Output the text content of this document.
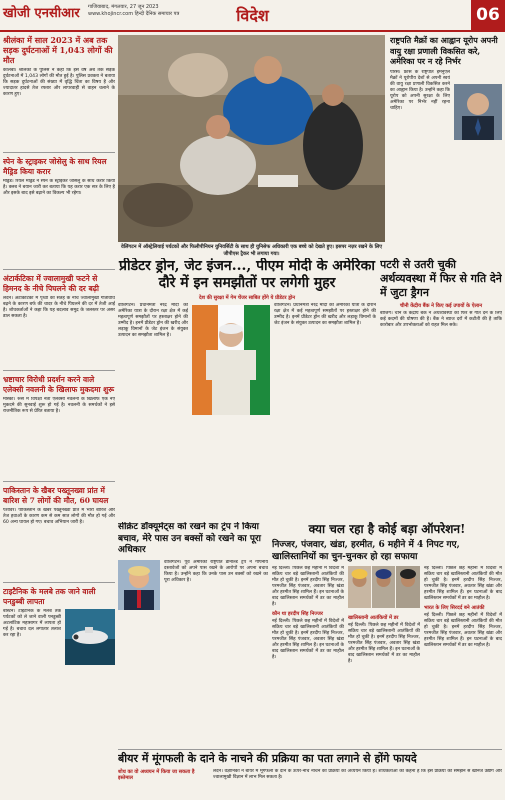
खोजी एनसीआर गाजियाबाद, मंगलवार, 27 जून 2023 www.khojincr.com हिन्दी दैनिक समाचार पत्र	विदेश	06
श्रीलंका में साल 2023 में अब तक सड़क दुर्घटनाओं में 1,043 लोगों की मौत

कोलंबो। श्रीलंका के पुलिस ने कहा कि इस वर्ष अब तक सड़क दुर्घटनाओं में 1,043 लोगों की मौत हुई है। पुलिस प्रवक्ता ने बताया कि सड़क दुर्घटनाओं की संख्या में वृद्धि चिंता का विषय है और ज्यादातर हादसे तेज रफ्तार और लापरवाही से वाहन चलाने के कारण हुए।

स्पेन के स्ट्राइकर जोसेलु के साथ रियल मैड्रिड किया करार

मैड्रिड। रियल मैड्रिड ने स्पेन के स्ट्राइकर जोसेलु के साथ करार किया है। क्लब ने बयान जारी कर बताया कि यह करार एक सत्र के लिए है और इसके बाद इसे बढ़ाने का विकल्प भी रहेगा।

अंटार्कटिका में ज्वालामुखी फटने से हिमनद के नीचे पिघलने की दर बढ़ी

लंदन। अंटार्कटिका में पृथ्वी की सतह के नीचे ज्वालामुखी गतिविधि बढ़ने के कारण बर्फ की चादर के नीचे पिघलने की दर में तेजी आई है। शोधकर्ताओं ने कहा कि यह बदलाव समुद्र के जलस्तर पर असर डाल सकता है।

भ्रष्टाचार विरोधी प्रदर्शन करने वाले एलेक्सी नवलनी के खिलाफ मुकदमा शुरू

मास्को। रूस में विपक्षी नेता एलेक्सी नवलनी के खिलाफ एक नए मुकदमे की सुनवाई शुरू हो गई है। नवलनी के समर्थकों ने इसे राजनीतिक रूप से प्रेरित बताया है।

पाकिस्तान के खैबर पख्तूनख्वा प्रांत में बारिश से 7 लोगों की मौत, 60 घायल

पेशावर। पाकिस्तान के खैबर पख्तूनख्वा प्रांत में भारी बारिश और तेज हवाओं के कारण कम से कम सात लोगों की मौत हो गई और 60 अन्य घायल हो गए। बचाव अभियान जारी है।

टाइटैनिक के मलबे तक जाने वाली पनडुब्बी लापता

बोस्टन। टाइटैनिक के मलबे तक पर्यटकों को ले जाने वाली पनडुब्बी अटलांटिक महासागर में लापता हो गई है। बचाव दल लगातार तलाश कर रहा है।

वेलिंगटन में ऑस्ट्रेलियाई पर्यटकों और फिलीपीनियन युनिवर्सिटी के साथ ही युनिसेफ अधिकारी एक बच्चे को देखते हुए। इसपर नज़र रखने के लिए जीपीएस ट्रैकर भी लगाया गया।
राष्ट्रपति मैक्रों का आह्वान यूरोप अपनी वायु रक्षा प्रणाली विकसित करे, अमेरिका पर न रहे निर्भर

पेरिस। फ्रांस के राष्ट्रपति इमैनुएल मैक्रों ने यूरोपीय देशों से अपनी स्वयं की वायु रक्षा प्रणाली विकसित करने का आह्वान किया है। उन्होंने कहा कि यूरोप को अपनी सुरक्षा के लिए अमेरिका पर निर्भर नहीं रहना चाहिए।

प्रीडेटर ड्रोन, जेट इंजन..., पीएम मोदी के अमेरिका दौरे में इन समझौतों पर लगेगी मुहर

देश की सुरक्षा में गेम चेंजर साबित होंगे ये प्रीडेटर ड्रोन

वाशिंगटन। प्रधानमंत्री नरेंद्र मोदी की अमेरिका यात्रा के दौरान रक्षा क्षेत्र में कई महत्वपूर्ण समझौतों पर हस्ताक्षर होने की उम्मीद है। इनमें प्रीडेटर ड्रोन की खरीद और लड़ाकू विमानों के जेट इंजन के संयुक्त उत्पादन का समझौता शामिल है।

वाशिंगटन। प्रधानमंत्री नरेंद्र मोदी की अमेरिका यात्रा के दौरान रक्षा क्षेत्र में कई महत्वपूर्ण समझौतों पर हस्ताक्षर होने की उम्मीद है। इनमें प्रीडेटर ड्रोन की खरीद और लड़ाकू विमानों के जेट इंजन के संयुक्त उत्पादन का समझौता शामिल है।

पटरी से उतरी चुकी अर्थव्यवस्था में फिर से गति देने में जुटा ड्रैगन

चीनी केंद्रीय बैंक ने किए कई उपायों के ऐलान

बीजिंग। चीन के केंद्रीय बैंक ने अर्थव्यवस्था को फिर से गति देने के लिए कई कदमों की घोषणा की है। बैंक ने ब्याज दरों में कटौती की है ताकि कारोबार और उपभोक्ताओं को राहत मिल सके।

सीक्रेट डॉक्यूमेंट्स को रखने का ट्रंप ने किया बचाव, मेरे पास उन बक्सों को रखने का पूरा अधिकार

वाशिंगटन। पूर्व अमेरिकी राष्ट्रपति डोनाल्ड ट्रंप ने गोपनीय दस्तावेजों को अपने पास रखने के आरोपों पर अपना बचाव किया है। उन्होंने कहा कि उनके पास उन बक्सों को रखने का पूरा अधिकार है।

क्या चल रहा है कोई बड़ा ऑपरेशन!
निज्जर, पंजवार, खंडा, हरमीत, 6 महीने में 4 निपट गए, खालिस्तानियों का चुन-चुनकर हो रहा सफाया

नई दिल्ली। पिछले छह महीनों में विदेशों में सक्रिय चार बड़े खालिस्तानी आतंकियों की मौत हो चुकी है। इनमें हरदीप सिंह निज्जर, परमजीत सिंह पंजवार, अवतार सिंह खंडा और हरमीत सिंह शामिल हैं। इन घटनाओं के बाद खालिस्तान समर्थकों में डर का माहौल है।

कौन था हरदीप सिंह निज्जर

नई दिल्ली। पिछले छह महीनों में विदेशों में सक्रिय चार बड़े खालिस्तानी आतंकियों की मौत हो चुकी है। इनमें हरदीप सिंह निज्जर, परमजीत सिंह पंजवार, अवतार सिंह खंडा और हरमीत सिंह शामिल हैं। इन घटनाओं के बाद खालिस्तान समर्थकों में डर का माहौल है।

खालिस्तानी आतंकियों में डर

नई दिल्ली। पिछले छह महीनों में विदेशों में सक्रिय चार बड़े खालिस्तानी आतंकियों की मौत हो चुकी है। इनमें हरदीप सिंह निज्जर, परमजीत सिंह पंजवार, अवतार सिंह खंडा और हरमीत सिंह शामिल हैं। इन घटनाओं के बाद खालिस्तान समर्थकों में डर का माहौल है।

नई दिल्ली। पिछले छह महीनों में विदेशों में सक्रिय चार बड़े खालिस्तानी आतंकियों की मौत हो चुकी है। इनमें हरदीप सिंह निज्जर, परमजीत सिंह पंजवार, अवतार सिंह खंडा और हरमीत सिंह शामिल हैं। इन घटनाओं के बाद खालिस्तान समर्थकों में डर का माहौल है।

भारत के लिए सिरदर्द बने आतंकी

नई दिल्ली। पिछले छह महीनों में विदेशों में सक्रिय चार बड़े खालिस्तानी आतंकियों की मौत हो चुकी है। इनमें हरदीप सिंह निज्जर, परमजीत सिंह पंजवार, अवतार सिंह खंडा और हरमीत सिंह शामिल हैं। इन घटनाओं के बाद खालिस्तान समर्थकों में डर का माहौल है।

बीयर में मूंगफली के दाने के नाचने की प्रक्रिया का पता लगाने से होंगे फायदे

शोध का वो अध्ययन में किया जा सकता है इस्तेमाल

लंदन। वैज्ञानिकों ने बीयर में मूंगफली के दाने के ऊपर-नीचे नाचने की प्रक्रिया का अध्ययन किया है। शोधकर्ताओं का कहना है कि इस प्रक्रिया को समझने से खनिज उद्योग और ज्वालामुखी विज्ञान में लाभ मिल सकता है।
